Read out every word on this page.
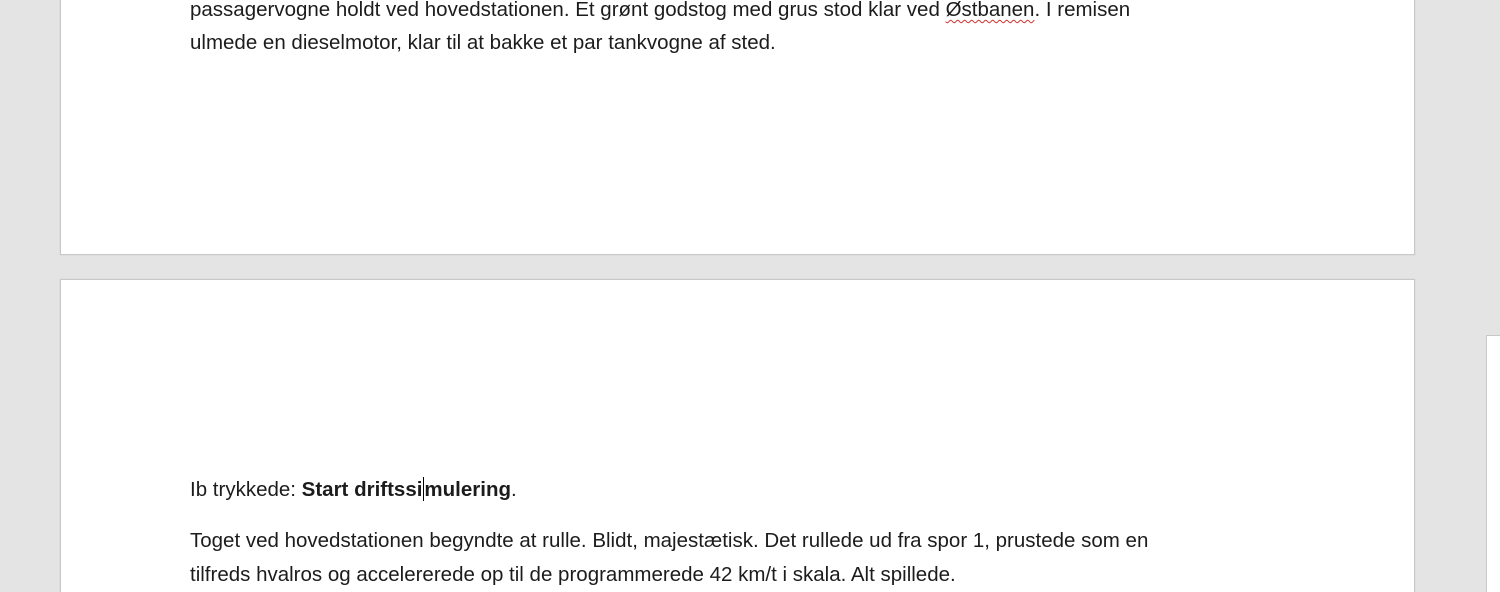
passagervogne holdt ved hovedstationen. Et grønt godstog med grus stod klar ved Østbanen. I remisen

ulmede en dieselmotor, klar til at bakke et par tankvogne af sted.

Ib trykkede: Start driftssimulering.

Toget ved hovedstationen begyndte at rulle. Blidt, majestætisk. Det rullede ud fra spor 1, prustede som en

tilfreds hvalros og accelererede op til de programmerede 42 km/t i skala. Alt spillede.
